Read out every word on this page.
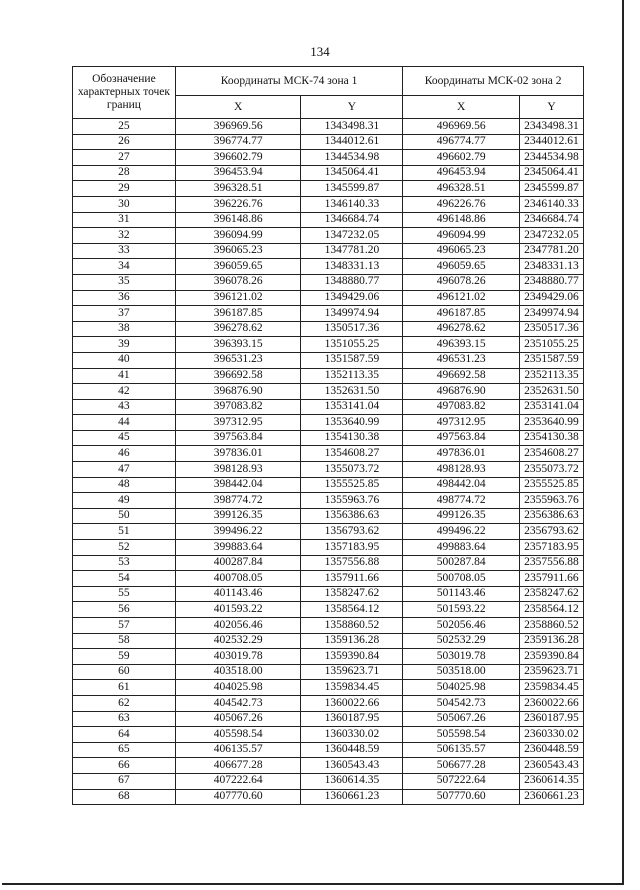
134
Обозначение характерных точек границ	Координаты МСК-74 зона 1		Координаты МСК-02 зона 2	
	X	Y	X	Y
25	396969.56	1343498.31	496969.56	2343498.31
26	396774.77	1344012.61	496774.77	2344012.61
27	396602.79	1344534.98	496602.79	2344534.98
28	396453.94	1345064.41	496453.94	2345064.41
29	396328.51	1345599.87	496328.51	2345599.87
30	396226.76	1346140.33	496226.76	2346140.33
31	396148.86	1346684.74	496148.86	2346684.74
32	396094.99	1347232.05	496094.99	2347232.05
33	396065.23	1347781.20	496065.23	2347781.20
34	396059.65	1348331.13	496059.65	2348331.13
35	396078.26	1348880.77	496078.26	2348880.77
36	396121.02	1349429.06	496121.02	2349429.06
37	396187.85	1349974.94	496187.85	2349974.94
38	396278.62	1350517.36	496278.62	2350517.36
39	396393.15	1351055.25	496393.15	2351055.25
40	396531.23	1351587.59	496531.23	2351587.59
41	396692.58	1352113.35	496692.58	2352113.35
42	396876.90	1352631.50	496876.90	2352631.50
43	397083.82	1353141.04	497083.82	2353141.04
44	397312.95	1353640.99	497312.95	2353640.99
45	397563.84	1354130.38	497563.84	2354130.38
46	397836.01	1354608.27	497836.01	2354608.27
47	398128.93	1355073.72	498128.93	2355073.72
48	398442.04	1355525.85	498442.04	2355525.85
49	398774.72	1355963.76	498774.72	2355963.76
50	399126.35	1356386.63	499126.35	2356386.63
51	399496.22	1356793.62	499496.22	2356793.62
52	399883.64	1357183.95	499883.64	2357183.95
53	400287.84	1357556.88	500287.84	2357556.88
54	400708.05	1357911.66	500708.05	2357911.66
55	401143.46	1358247.62	501143.46	2358247.62
56	401593.22	1358564.12	501593.22	2358564.12
57	402056.46	1358860.52	502056.46	2358860.52
58	402532.29	1359136.28	502532.29	2359136.28
59	403019.78	1359390.84	503019.78	2359390.84
60	403518.00	1359623.71	503518.00	2359623.71
61	404025.98	1359834.45	504025.98	2359834.45
62	404542.73	1360022.66	504542.73	2360022.66
63	405067.26	1360187.95	505067.26	2360187.95
64	405598.54	1360330.02	505598.54	2360330.02
65	406135.57	1360448.59	506135.57	2360448.59
66	406677.28	1360543.43	506677.28	2360543.43
67	407222.64	1360614.35	507222.64	2360614.35
68	407770.60	1360661.23	507770.60	2360661.23
